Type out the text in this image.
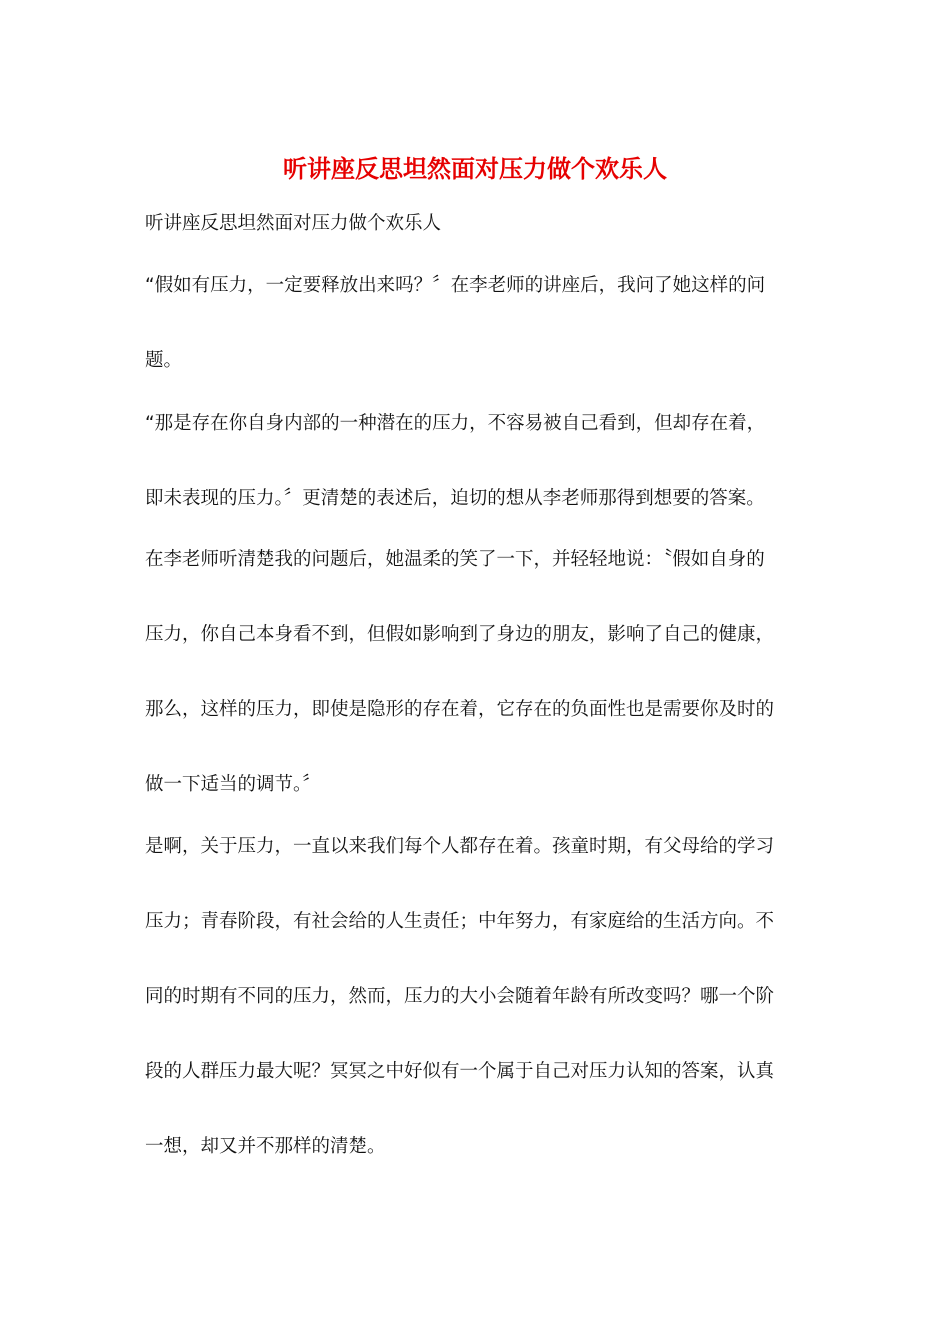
听讲座反思坦然面对压力做个欢乐人

听讲座反思坦然面对压力做个欢乐人

“假如有压力，一定要释放出来吗？〞在李老师的讲座后，我问了她这样的问

题。

“那是存在你自身内部的一种潜在的压力，不容易被自己看到，但却存在着，

即未表现的压力。〞更清楚的表述后，迫切的想从李老师那得到想要的答案。

在李老师听清楚我的问题后，她温柔的笑了一下，并轻轻地说：〝假如自身的

压力，你自己本身看不到，但假如影响到了身边的朋友，影响了自己的健康，

那么，这样的压力，即使是隐形的存在着，它存在的负面性也是需要你及时的

做一下适当的调节。〞

是啊，关于压力，一直以来我们每个人都存在着。孩童时期，有父母给的学习

压力；青春阶段，有社会给的人生责任；中年努力，有家庭给的生活方向。不

同的时期有不同的压力，然而，压力的大小会随着年龄有所改变吗？哪一个阶

段的人群压力最大呢？冥冥之中好似有一个属于自己对压力认知的答案，认真

一想，却又并不那样的清楚。
